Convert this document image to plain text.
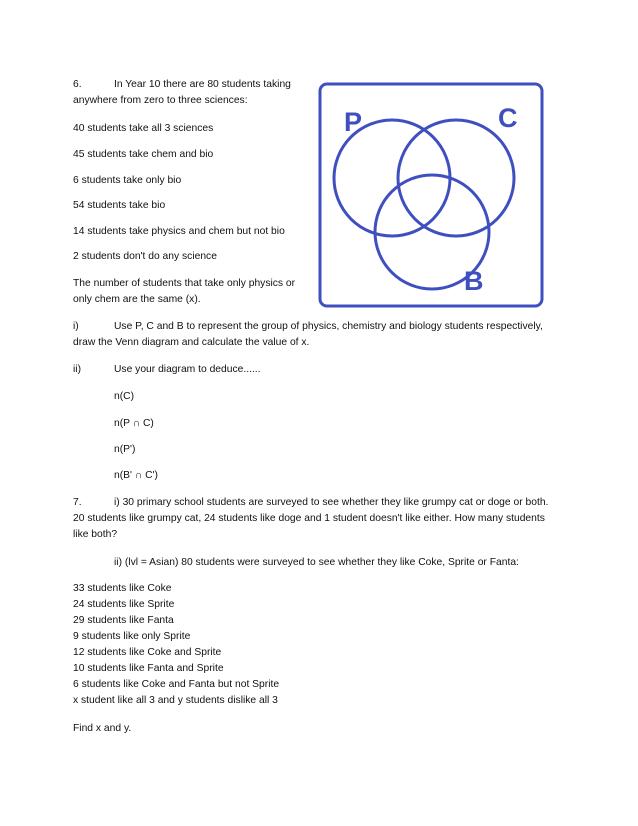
6.	In Year 10 there are 80 students taking
anywhere from zero to three sciences:
40 students take all 3 sciences
45 students take chem and bio
6 students take only bio
54 students take bio
14 students take physics and chem but not bio
2 students don't do any science
The number of students that take only physics or
only chem are the same (x).
i)	Use P, C and B to represent the group of physics, chemistry and biology students respectively,
draw the Venn diagram and calculate the value of x.
ii)	Use your diagram to deduce......
n(C)
n(P ∩ C)
n(P')
n(B' ∩ C')
P	C
B
7.	i) 30 primary school students are surveyed to see whether they like grumpy cat or doge or both.
20 students like grumpy cat, 24 students like doge and 1 student doesn't like either. How many students
like both?
ii) (lvl = Asian) 80 students were surveyed to see whether they like Coke, Sprite or Fanta:
33 students like Coke
24 students like Sprite
29 students like Fanta
9 students like only Sprite
12 students like Coke and Sprite
10 students like Fanta and Sprite
6 students like Coke and Fanta but not Sprite
x student like all 3 and y students dislike all 3
Find x and y.
